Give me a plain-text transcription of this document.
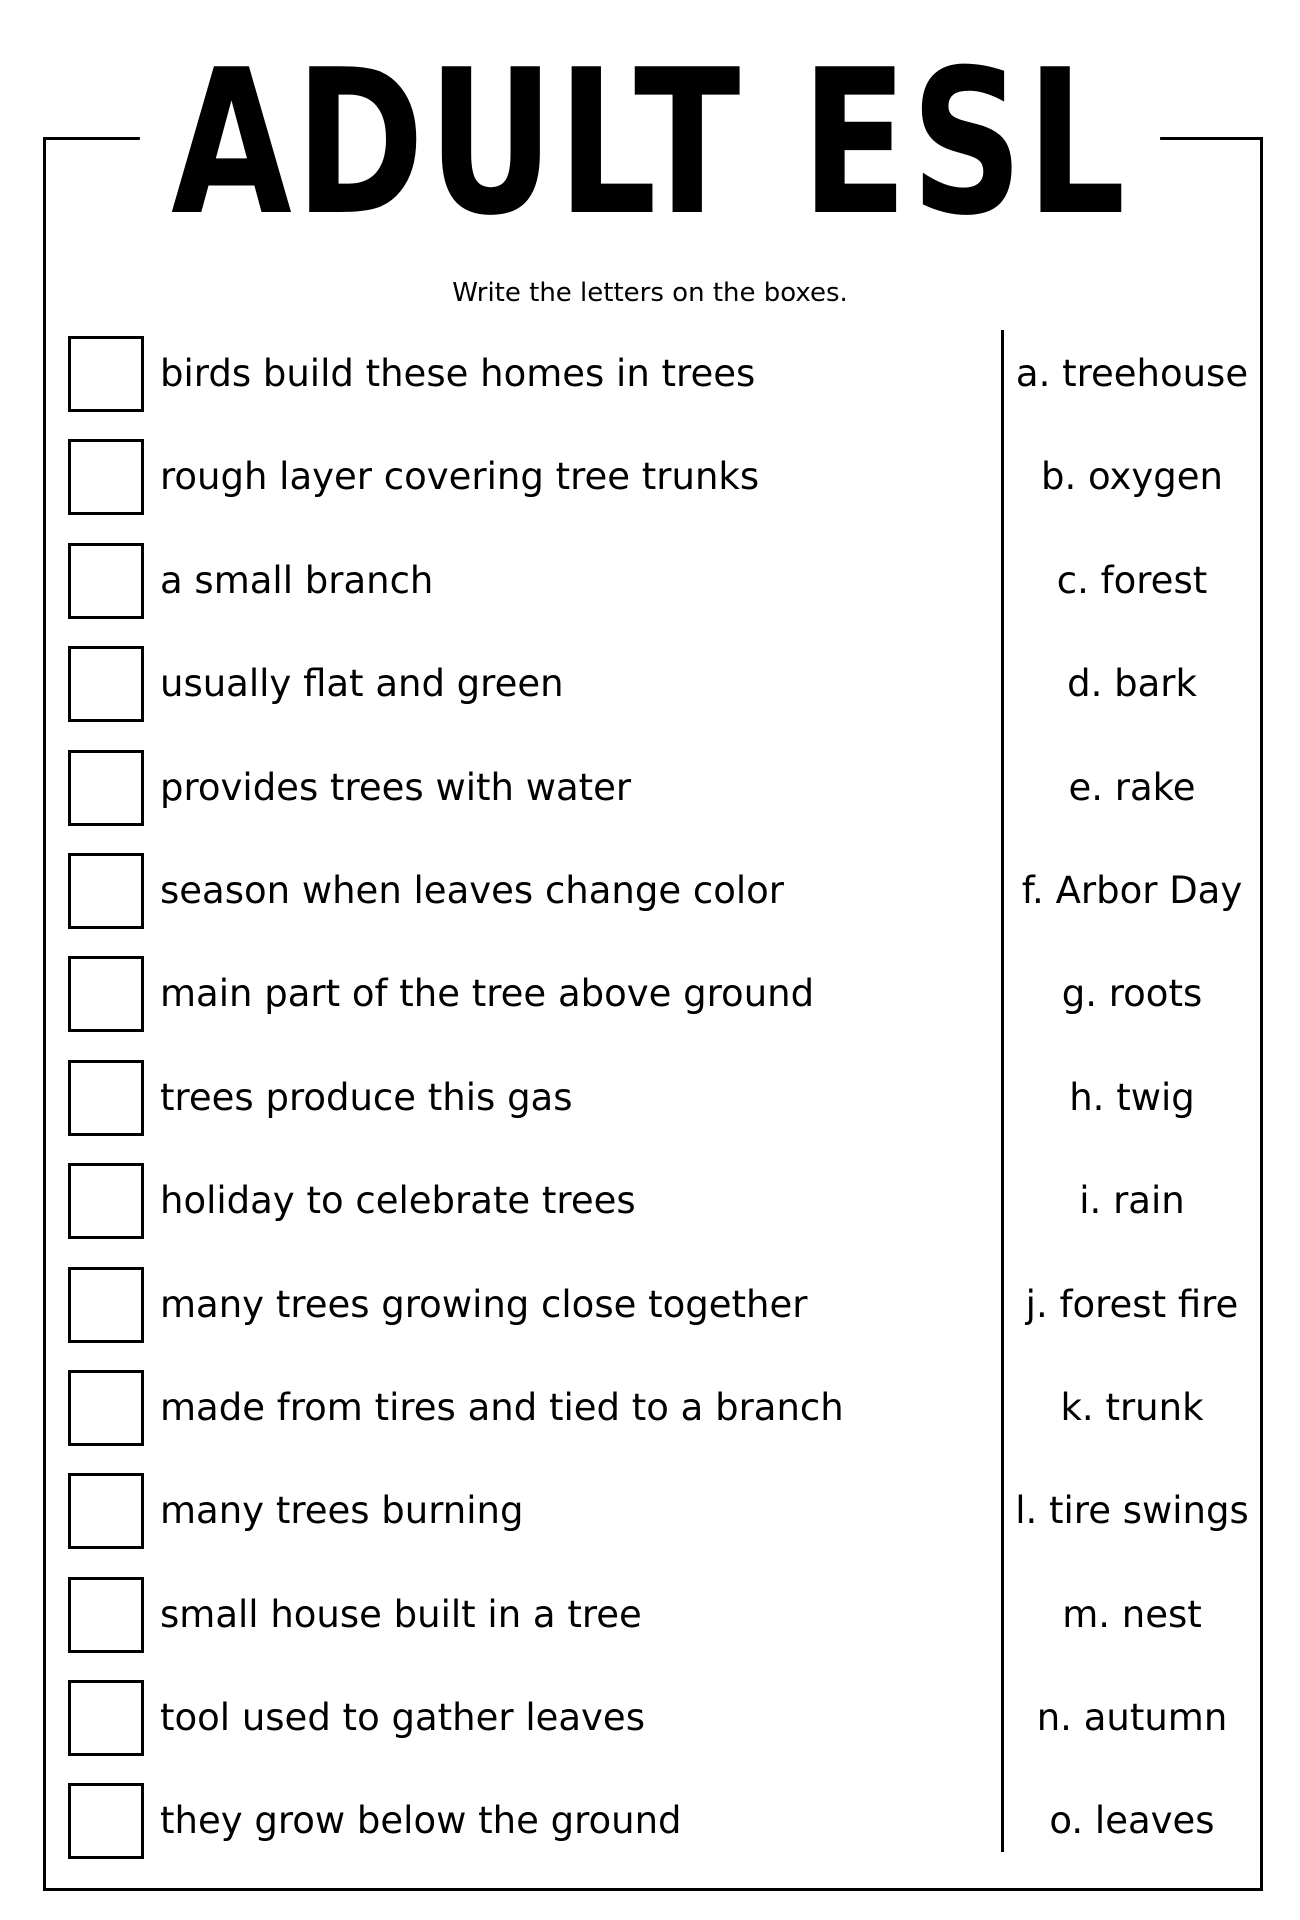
ADULT ESL
Write the letters on the boxes.
birds build these homes in trees	a. treehouse
rough layer covering tree trunks	b. oxygen
a small branch	c. forest
usually flat and green	d. bark
provides trees with water	e. rake
season when leaves change color	f. Arbor Day
main part of the tree above ground	g. roots
trees produce this gas	h. twig
holiday to celebrate trees	i. rain
many trees growing close together	j. forest fire
made from tires and tied to a branch	k. trunk
many trees burning	l. tire swings
small house built in a tree	m. nest
tool used to gather leaves	n. autumn
they grow below the ground	o. leaves
